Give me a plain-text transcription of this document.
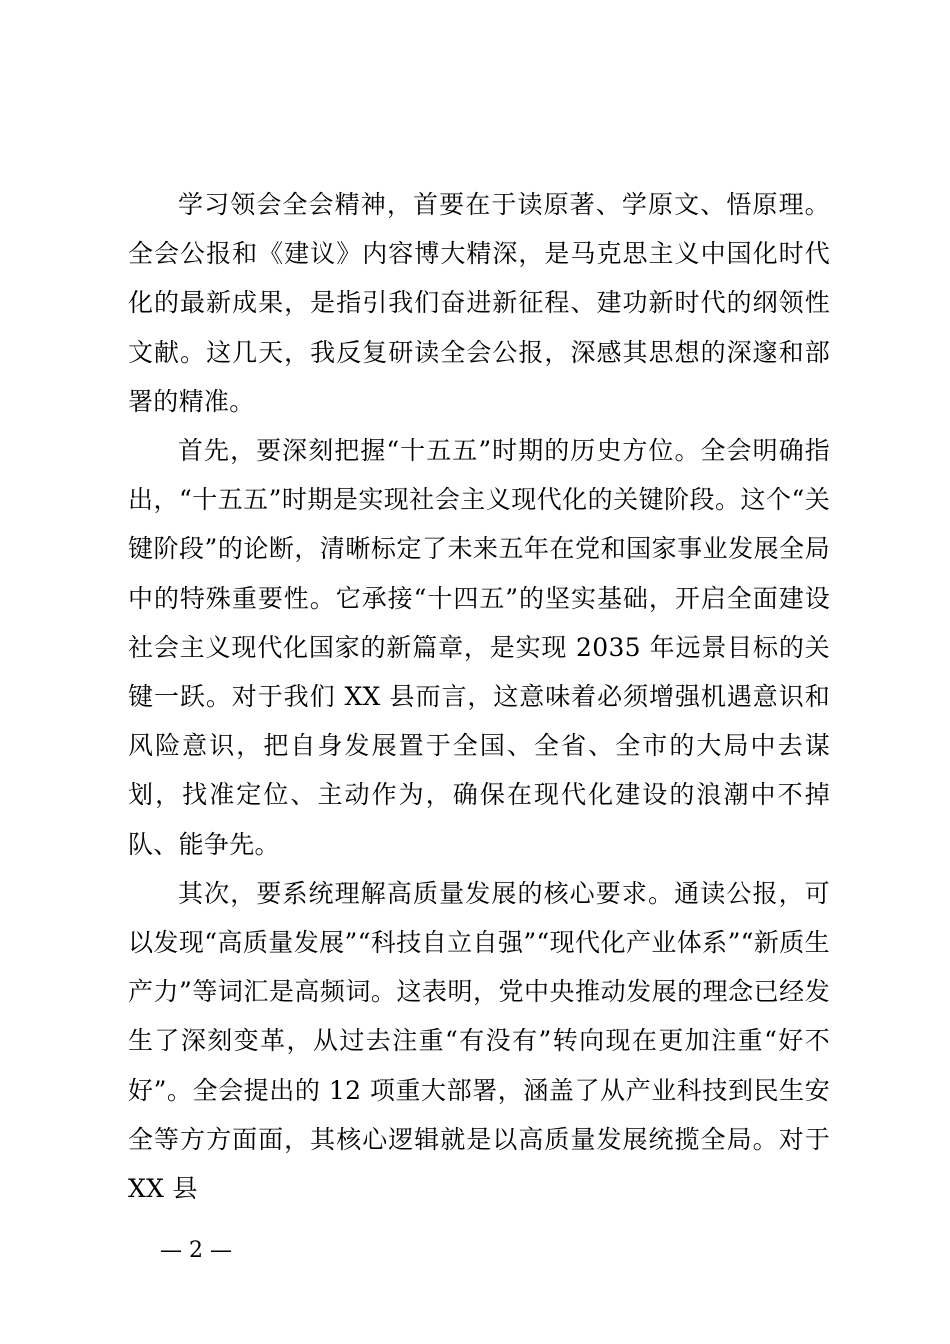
学习领会全会精神，首要在于读原著、学原文、悟原理。全会公报和《建议》内容博大精深，是马克思主义中国化时代化的最新成果，是指引我们奋进新征程、建功新时代的纲领性文献。这几天，我反复研读全会公报，深感其思想的深邃和部署的精准。

首先，要深刻把握“十五五”时期的历史方位。全会明确指出，“十五五”时期是实现社会主义现代化的关键阶段。这个“关键阶段”的论断，清晰标定了未来五年在党和国家事业发展全局中的特殊重要性。它承接“十四五”的坚实基础，开启全面建设社会主义现代化国家的新篇章，是实现 2035 年远景目标的关键一跃。对于我们 XX 县而言，这意味着必须增强机遇意识和风险意识，把自身发展置于全国、全省、全市的大局中去谋划，找准定位、主动作为，确保在现代化建设的浪潮中不掉队、能争先。

其次，要系统理解高质量发展的核心要求。通读公报，可以发现“高质量发展”“科技自立自强”“现代化产业体系”“新质生产力”等词汇是高频词。这表明，党中央推动发展的理念已经发生了深刻变革，从过去注重“有没有”转向现在更加注重“好不好”。全会提出的 12 项重大部署，涵盖了从产业科技到民生安全等方方面面，其核心逻辑就是以高质量发展统揽全局。对于 XX 县

— 2 —
